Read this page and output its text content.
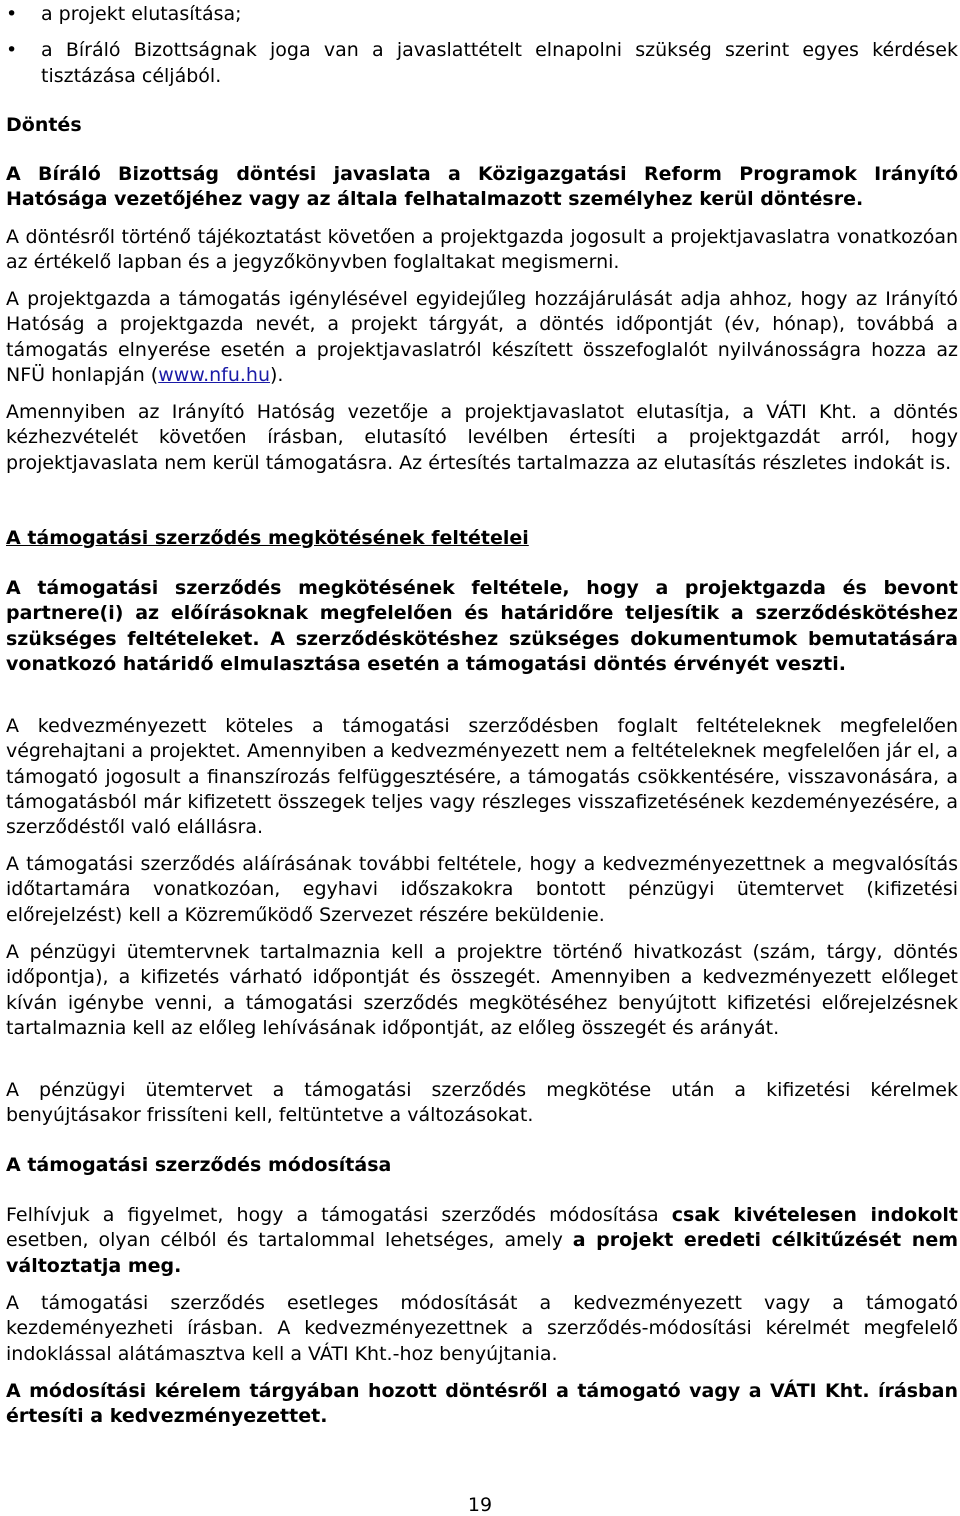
• a projekt elutasítása;
• a Bíráló Bizottságnak joga van a javaslattételt elnapolni szükség szerint egyes kérdések tisztázása céljából.

Döntés

A Bíráló Bizottság döntési javaslata a Közigazgatási Reform Programok Irányító Hatósága vezetőjéhez vagy az általa felhatalmazott személyhez kerül döntésre.

A döntésről történő tájékoztatást követően a projektgazda jogosult a projektjavaslatra vonatkozóan az értékelő lapban és a jegyzőkönyvben foglaltakat megismerni.

A projektgazda a támogatás igénylésével egyidejűleg hozzájárulását adja ahhoz, hogy az Irányító Hatóság a projektgazda nevét, a projekt tárgyát, a döntés időpontját (év, hónap), továbbá a támogatás elnyerése esetén a projektjavaslatról készített összefoglalót nyilvánosságra hozza az NFÜ honlapján (www.nfu.hu).

Amennyiben az Irányító Hatóság vezetője a projektjavaslatot elutasítja, a VÁTI Kht. a döntés kézhezvételét követően írásban, elutasító levélben értesíti a projektgazdát arról, hogy projektjavaslata nem kerül támogatásra. Az értesítés tartalmazza az elutasítás részletes indokát is.

A támogatási szerződés megkötésének feltételei

A támogatási szerződés megkötésének feltétele, hogy a projektgazda és bevont partnere(i) az előírásoknak megfelelően és határidőre teljesítik a szerződéskötéshez szükséges feltételeket. A szerződéskötéshez szükséges dokumentumok bemutatására vonatkozó határidő elmulasztása esetén a támogatási döntés érvényét veszti.

A kedvezményezett köteles a támogatási szerződésben foglalt feltételeknek megfelelően végrehajtani a projektet. Amennyiben a kedvezményezett nem a feltételeknek megfelelően jár el, a támogató jogosult a finanszírozás felfüggesztésére, a támogatás csökkentésére, visszavonására, a támogatásból már kifizetett összegek teljes vagy részleges visszafizetésének kezdeményezésére, a szerződéstől való elállásra.

A támogatási szerződés aláírásának további feltétele, hogy a kedvezményezettnek a megvalósítás időtartamára vonatkozóan, egyhavi időszakokra bontott pénzügyi ütemtervet (kifizetési előrejelzést) kell a Közreműködő Szervezet részére beküldenie.

A pénzügyi ütemtervnek tartalmaznia kell a projektre történő hivatkozást (szám, tárgy, döntés időpontja), a kifizetés várható időpontját és összegét. Amennyiben a kedvezményezett előleget kíván igénybe venni, a támogatási szerződés megkötéséhez benyújtott kifizetési előrejelzésnek tartalmaznia kell az előleg lehívásának időpontját, az előleg összegét és arányát.

A pénzügyi ütemtervet a támogatási szerződés megkötése után a kifizetési kérelmek benyújtásakor frissíteni kell, feltüntetve a változásokat.

A támogatási szerződés módosítása

Felhívjuk a figyelmet, hogy a támogatási szerződés módosítása csak kivételesen indokolt esetben, olyan célból és tartalommal lehetséges, amely a projekt eredeti célkitűzését nem változtatja meg.

A támogatási szerződés esetleges módosítását a kedvezményezett vagy a támogató kezdeményezheti írásban. A kedvezményezettnek a szerződés-módosítási kérelmét megfelelő indoklással alátámasztva kell a VÁTI Kht.-hoz benyújtania.

A módosítási kérelem tárgyában hozott döntésről a támogató vagy a VÁTI Kht. írásban értesíti a kedvezményezettet.

19
